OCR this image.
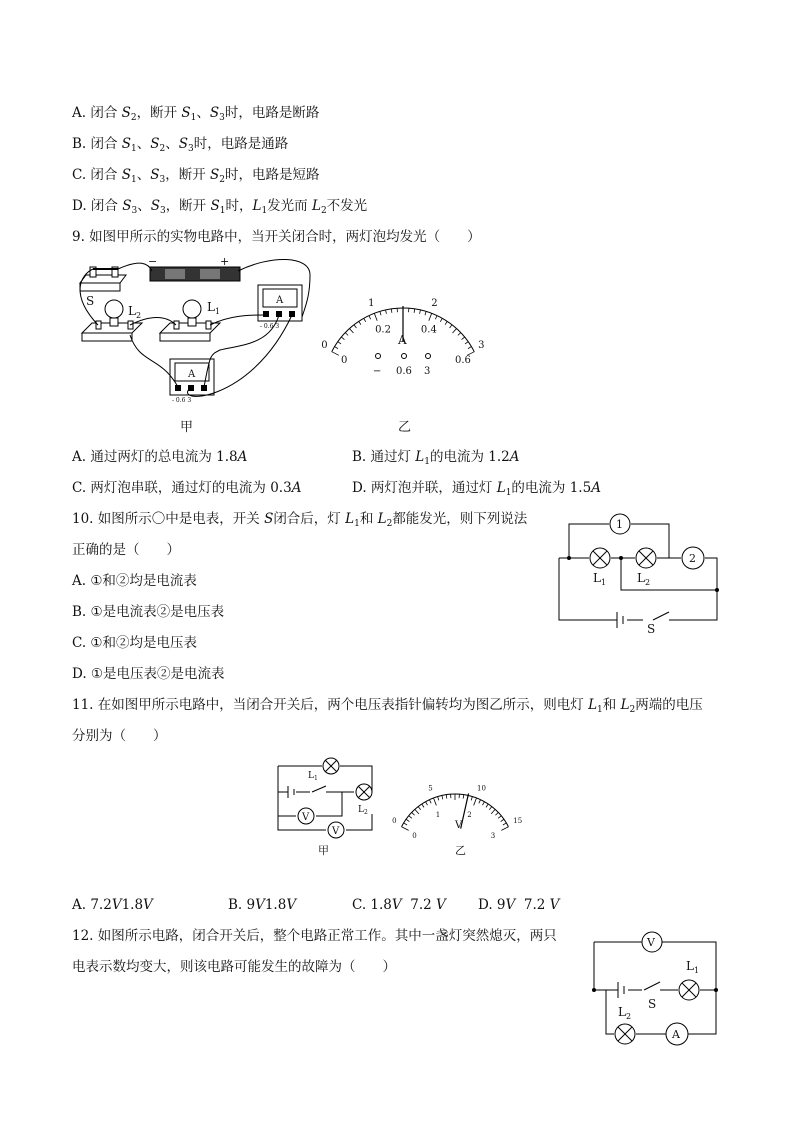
A. 闭合 $S_2$，断开 $S_1$、$S_3$时，电路是断路
B. 闭合 $S_1$、$S_2$、$S_3$时，电路是通路
C. 闭合 $S_1$、$S_3$，断开 $S_2$时，电路是短路
D. 闭合 $S_3$、$S_3$，断开 $S_1$时，$L_1$发光而 $L_2$不发光
9. 如图甲所示的实物电路中，当开关闭合时，两灯泡均发光（　　）
−	+
S
$L_2$
$L_1$
A
- 0.6 3
A
- 0.6 3
甲
0
1	2
3
0
0.2	0.4
0.6
A
− 0.6 3
乙
A. 通过两灯的总电流为 1.8A	B. 通过灯 $L_1$的电流为 1.2A
C. 两灯泡串联，通过灯的电流为 0.3A	D. 两灯泡并联，通过灯 $L_1$的电流为 1.5A
10. 如图所示〇中是电表，开关 S闭合后，灯 $L_1$和 $L_2$都能发光，则下列说法
正确的是（　　）
A. ①和②均是电流表
B. ①是电流表②是电压表
C. ①和②均是电压表
D. ①是电压表②是电流表
1
2
$L_1$	$L_2$
S
11. 在如图甲所示电路中，当闭合开关后，两个电压表指针偏转均为图乙所示，则电灯 $L_1$和 $L_2$两端的电压
分别为（　　）
V
V
$L_1$
$L_2$
甲
0
5	10
15
0
1	2
3
V
乙
A. 7.2V1.8V	B. 9V1.8V	C. 1.8V 7.2 V D. 9V 7.2 V
12. 如图所示电路，闭合开关后，整个电路正常工作。其中一盏灯突然熄灭，两只
电表示数均变大，则该电路可能发生的故障为（　　）
V
A
S
$L_1$
$L_2$
